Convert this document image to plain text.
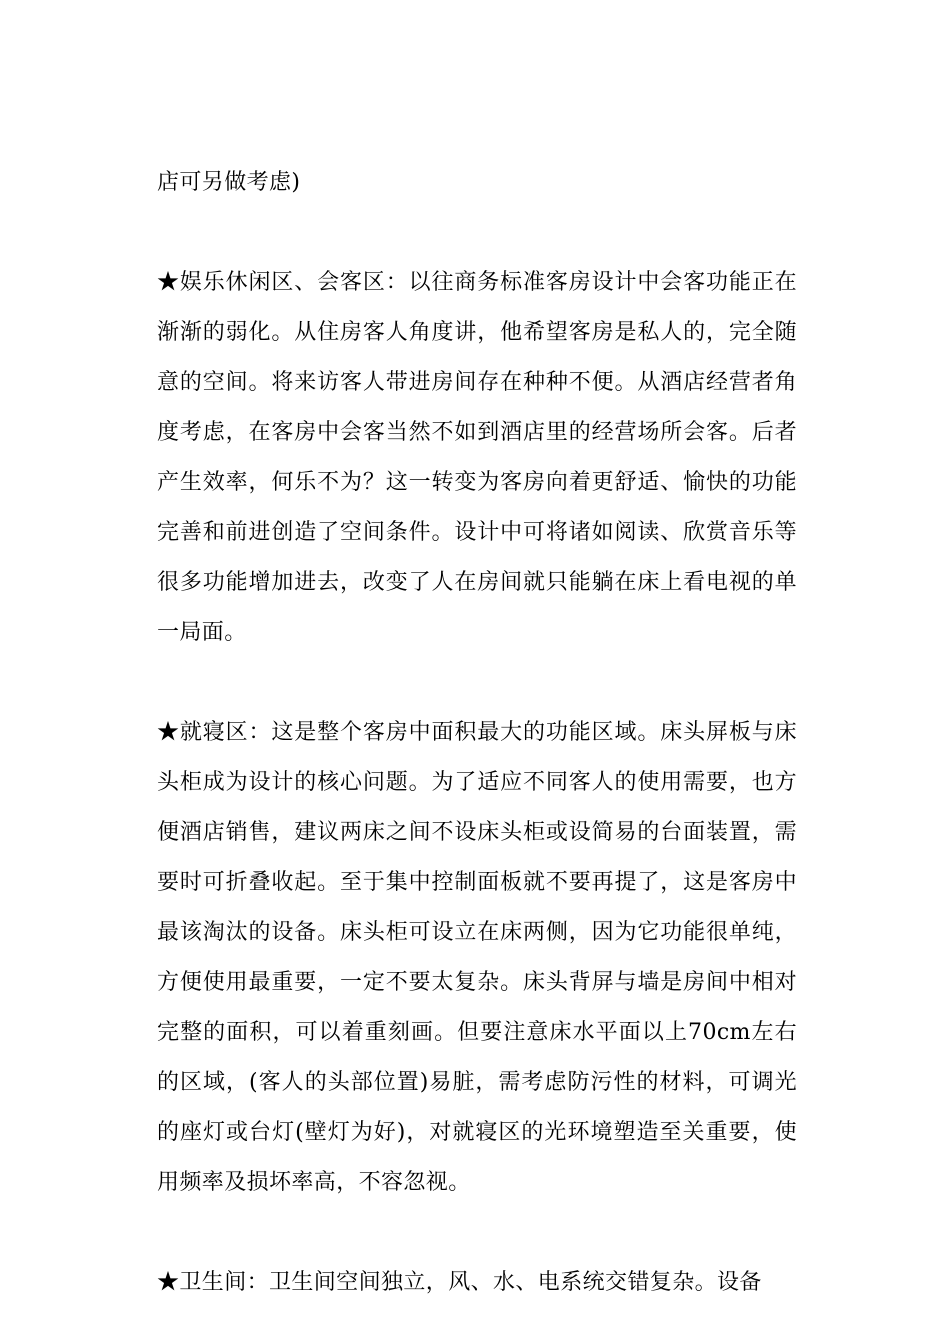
店可另做考虑)

★娱乐休闲区、会客区：以往商务标准客房设计中会客功能正在渐渐的弱化。从住房客人角度讲，他希望客房是私人的，完全随意的空间。将来访客人带进房间存在种种不便。从酒店经营者角度考虑，在客房中会客当然不如到酒店里的经营场所会客。后者产生效率，何乐不为？这一转变为客房向着更舒适、愉快的功能完善和前进创造了空间条件。设计中可将诸如阅读、欣赏音乐等很多功能增加进去，改变了人在房间就只能躺在床上看电视的单一局面。

★就寝区：这是整个客房中面积最大的功能区域。床头屏板与床头柜成为设计的核心问题。为了适应不同客人的使用需要，也方便酒店销售，建议两床之间不设床头柜或设简易的台面装置，需要时可折叠收起。至于集中控制面板就不要再提了，这是客房中最该淘汰的设备。床头柜可设立在床两侧，因为它功能很单纯，方便使用最重要，一定不要太复杂。床头背屏与墙是房间中相对完整的面积，可以着重刻画。但要注意床水平面以上70cm左右的区域，(客人的头部位置)易脏，需考虑防污性的材料，可调光的座灯或台灯(壁灯为好)，对就寝区的光环境塑造至关重要，使用频率及损坏率高，不容忽视。

★卫生间：卫生间空间独立，风、水、电系统交错复杂。设备
